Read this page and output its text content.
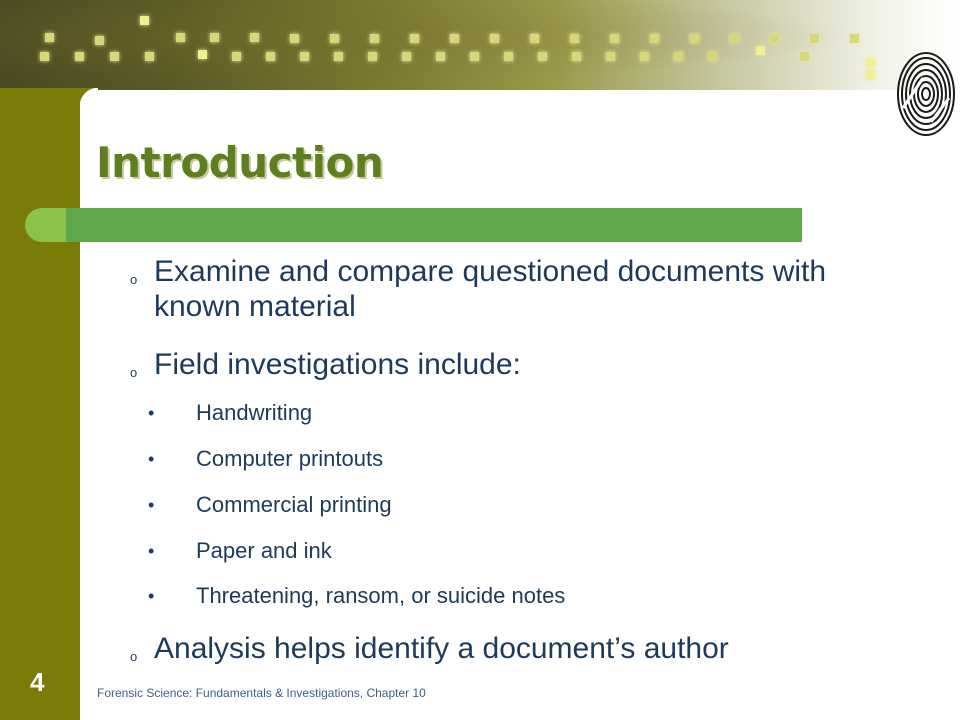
Introduction
o Examine and compare questioned documents with known material
o Field investigations include:
• Handwriting
• Computer printouts
• Commercial printing
• Paper and ink
• Threatening, ransom, or suicide notes
o Analysis helps identify a document’s author
4	Forensic Science: Fundamentals & Investigations, Chapter 10
